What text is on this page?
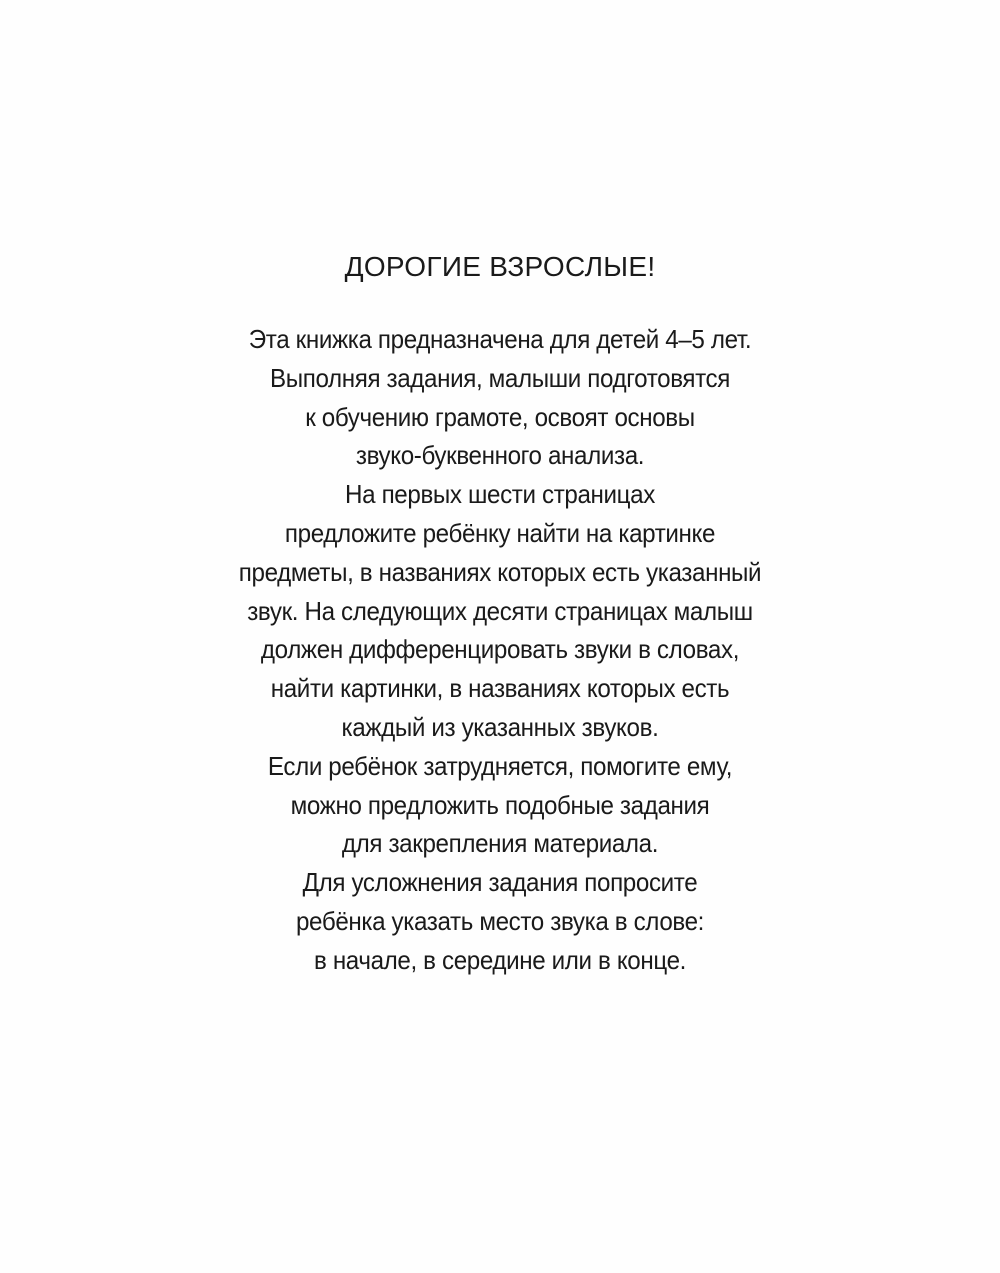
ДОРОГИЕ ВЗРОСЛЫЕ!
Эта книжка предназначена для детей 4–5 лет.
Выполняя задания, малыши подготовятся
к обучению грамоте, освоят основы
звуко-буквенного анализа.
На первых шести страницах
предложите ребёнку найти на картинке
предметы, в названиях которых есть указанный
звук. На следующих десяти страницах малыш
должен дифференцировать звуки в словах,
найти картинки, в названиях которых есть
каждый из указанных звуков.
Если ребёнок затрудняется, помогите ему,
можно предложить подобные задания
для закрепления материала.
Для усложнения задания попросите
ребёнка указать место звука в слове:
в начале, в середине или в конце.
